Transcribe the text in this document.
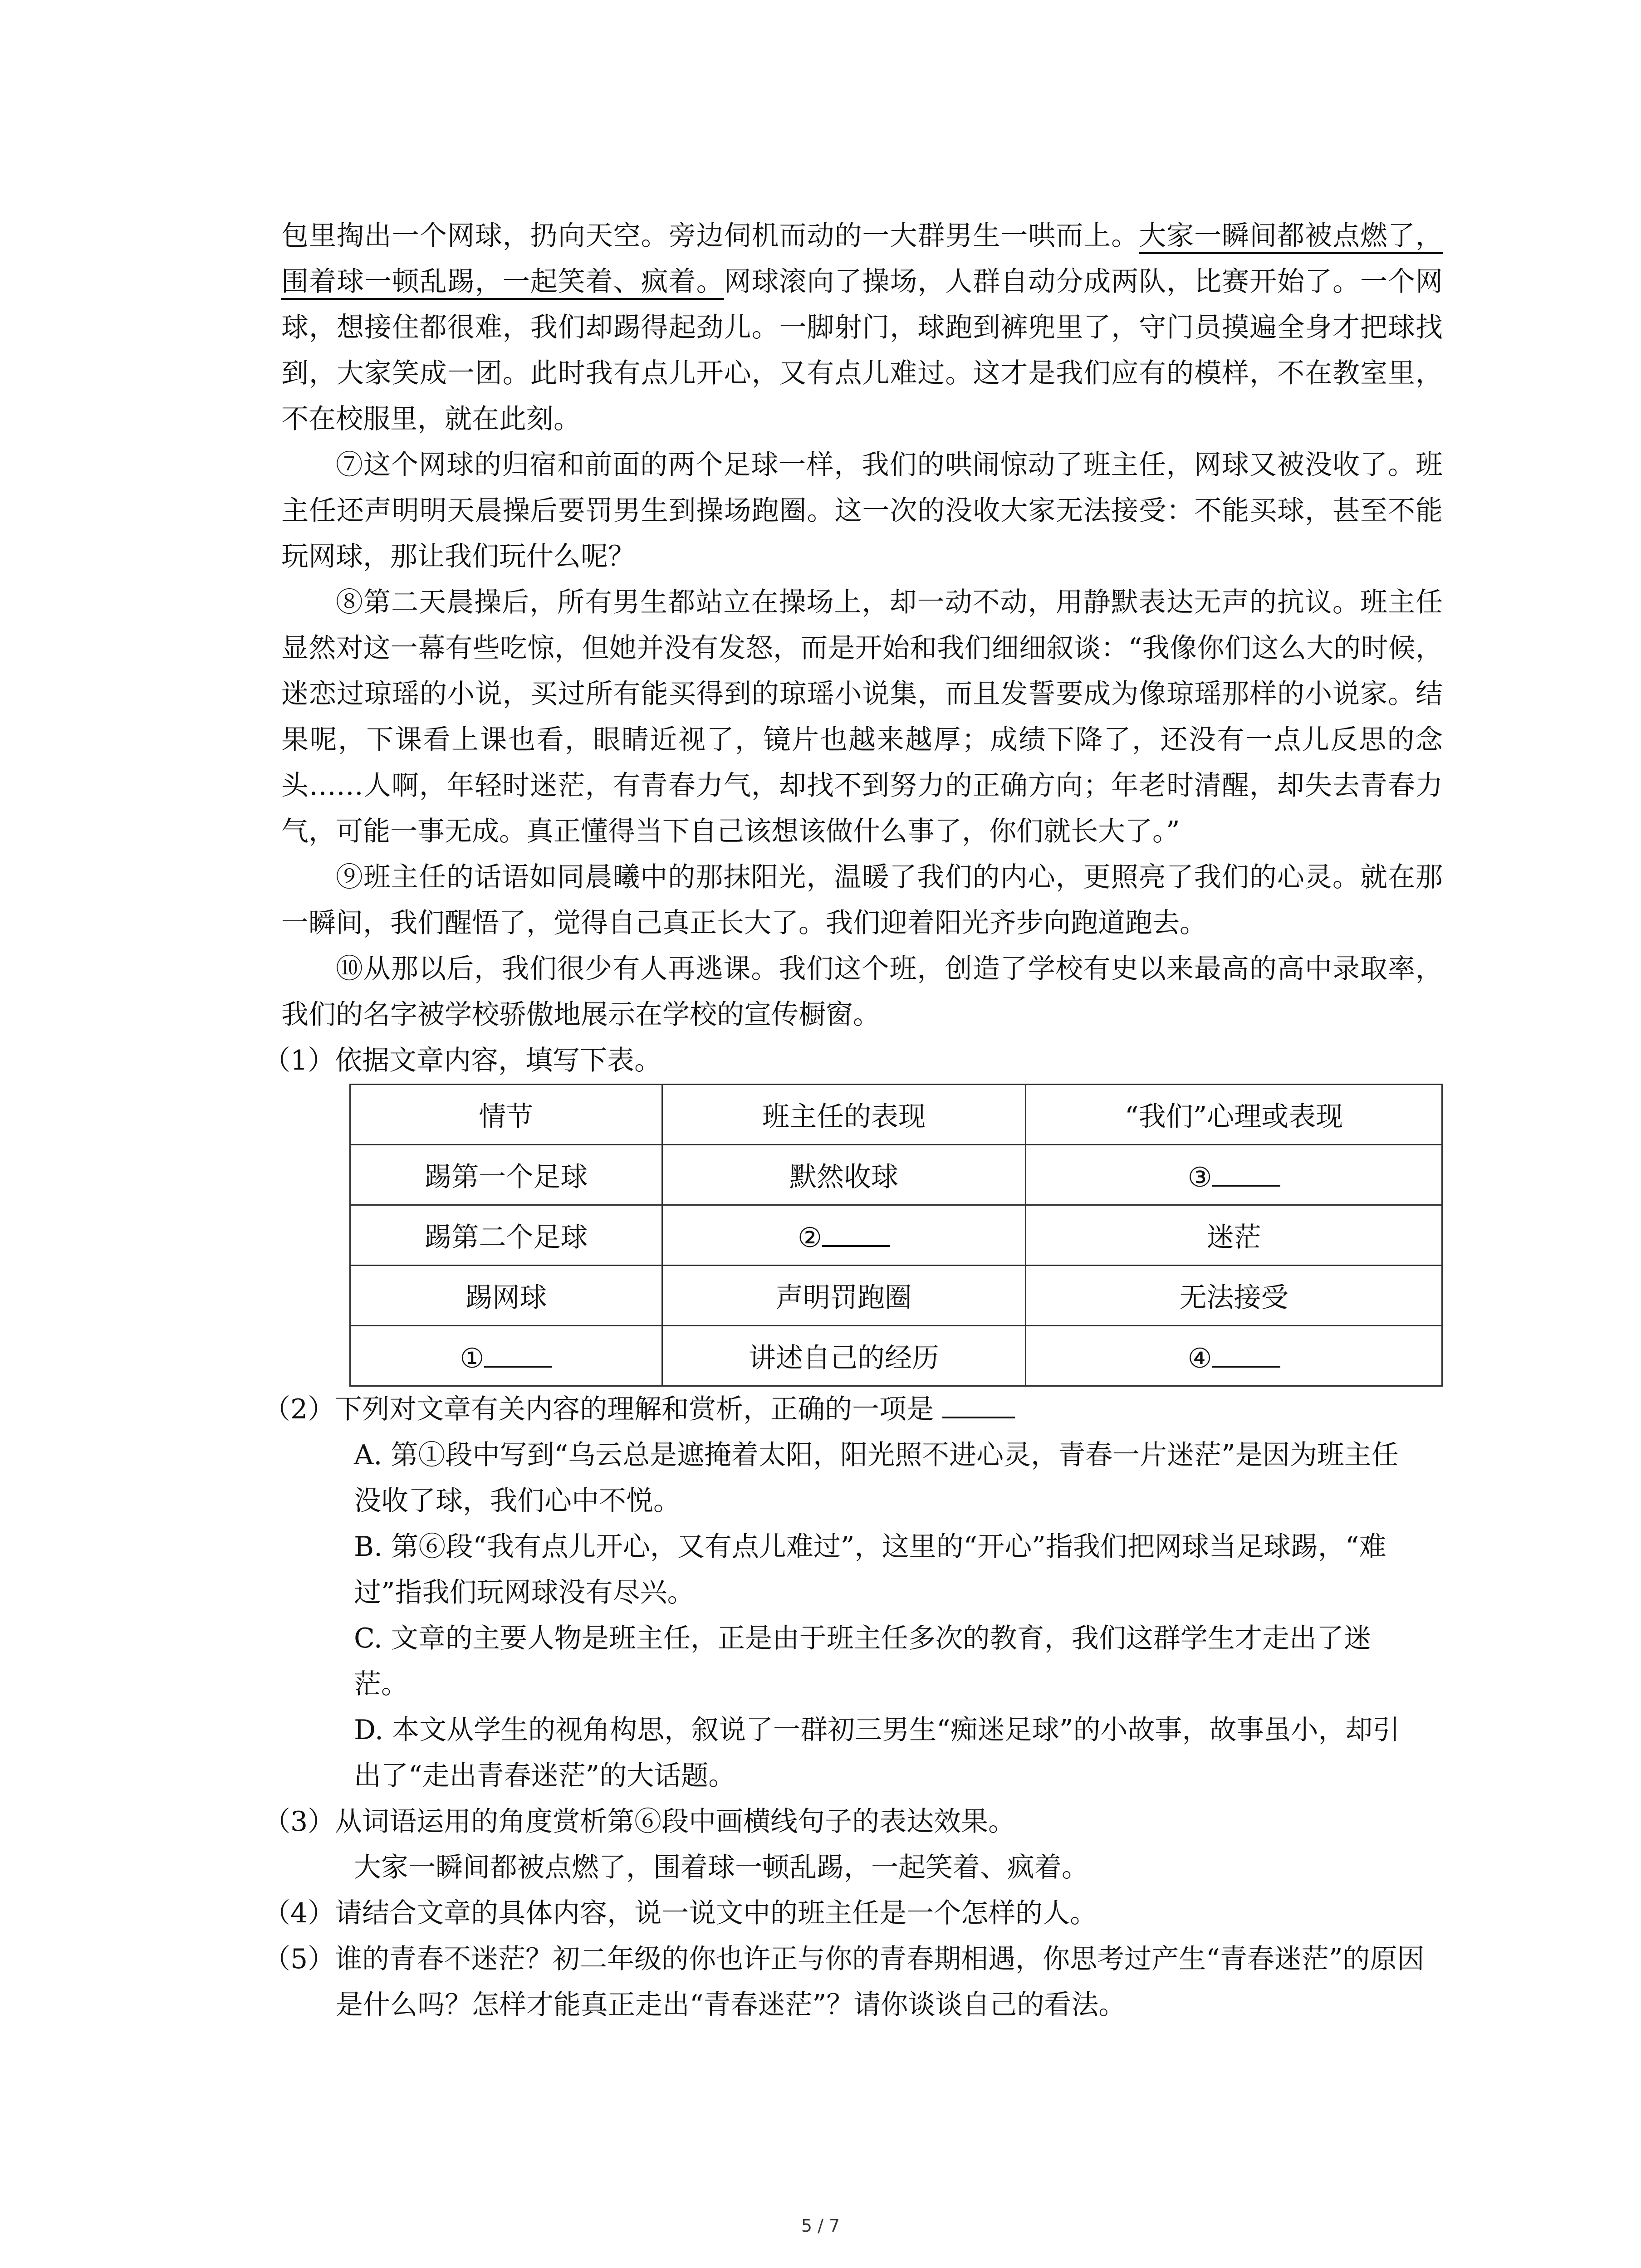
包里掏出一个网球，扔向天空。旁边伺机而动的一大群男生一哄而上。大家一瞬间都被点燃了，围着球一顿乱踢，一起笑着、疯着。网球滚向了操场，人群自动分成两队，比赛开始了。一个网球，想接住都很难，我们却踢得起劲儿。一脚射门，球跑到裤兜里了，守门员摸遍全身才把球找到，大家笑成一团。此时我有点儿开心，又有点儿难过。这才是我们应有的模样，不在教室里，不在校服里，就在此刻。

⑦这个网球的归宿和前面的两个足球一样，我们的哄闹惊动了班主任，网球又被没收了。班主任还声明明天晨操后要罚男生到操场跑圈。这一次的没收大家无法接受：不能买球，甚至不能玩网球，那让我们玩什么呢？

⑧第二天晨操后，所有男生都站立在操场上，却一动不动，用静默表达无声的抗议。班主任显然对这一幕有些吃惊，但她并没有发怒，而是开始和我们细细叙谈：“我像你们这么大的时候，迷恋过琼瑶的小说，买过所有能买得到的琼瑶小说集，而且发誓要成为像琼瑶那样的小说家。结果呢，下课看上课也看，眼睛近视了，镜片也越来越厚；成绩下降了，还没有一点儿反思的念头……人啊，年轻时迷茫，有青春力气，却找不到努力的正确方向；年老时清醒，却失去青春力气，可能一事无成。真正懂得当下自己该想该做什么事了，你们就长大了。”

⑨班主任的话语如同晨曦中的那抹阳光，温暖了我们的内心，更照亮了我们的心灵。就在那一瞬间，我们醒悟了，觉得自己真正长大了。我们迎着阳光齐步向跑道跑去。

⑩从那以后，我们很少有人再逃课。我们这个班，创造了学校有史以来最高的高中录取率，我们的名字被学校骄傲地展示在学校的宣传橱窗。

（1）依据文章内容，填写下表。

情节	班主任的表现	“我们”心理或表现
踢第一个足球	默然收球	③
踢第二个足球	②	迷茫
踢网球	声明罚跑圈	无法接受
①	讲述自己的经历	④

（2）下列对文章有关内容的理解和赏析，正确的一项是

A. 第①段中写到“乌云总是遮掩着太阳，阳光照不进心灵，青春一片迷茫”是因为班主任没收了球，我们心中不悦。

B. 第⑥段“我有点儿开心，又有点儿难过”，这里的“开心”指我们把网球当足球踢，“难过”指我们玩网球没有尽兴。

C. 文章的主要人物是班主任，正是由于班主任多次的教育，我们这群学生才走出了迷茫。

D. 本文从学生的视角构思，叙说了一群初三男生“痴迷足球”的小故事，故事虽小，却引出了“走出青春迷茫”的大话题。

（3）从词语运用的角度赏析第⑥段中画横线句子的表达效果。

大家一瞬间都被点燃了，围着球一顿乱踢，一起笑着、疯着。

（4）请结合文章的具体内容，说一说文中的班主任是一个怎样的人。

（5）谁的青春不迷茫？初二年级的你也许正与你的青春期相遇，你思考过产生“青春迷茫”的原因是什么吗？怎样才能真正走出“青春迷茫”？请你谈谈自己的看法。

5 / 7
